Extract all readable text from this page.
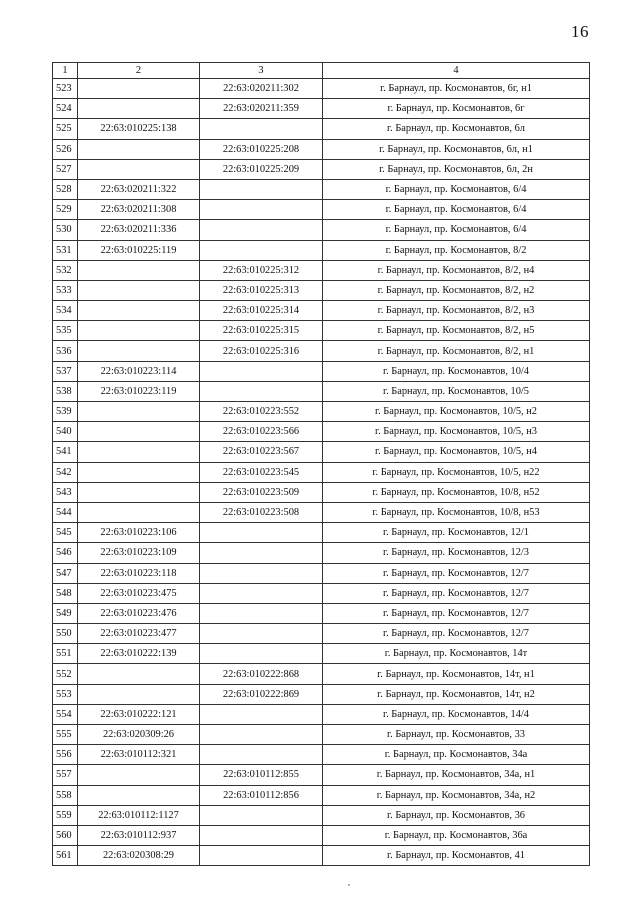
16
1	2	3	4
523		22:63:020211:302	г. Барнаул, пр. Космонавтов, 6г, н1
524		22:63:020211:359	г. Барнаул, пр. Космонавтов, 6г
525	22:63:010225:138		г. Барнаул, пр. Космонавтов, 6л
526		22:63:010225:208	г. Барнаул, пр. Космонавтов, 6л, н1
527		22:63:010225:209	г. Барнаул, пр. Космонавтов, 6л, 2н
528	22:63:020211:322		г. Барнаул, пр. Космонавтов, 6/4
529	22:63:020211:308		г. Барнаул, пр. Космонавтов, 6/4
530	22:63:020211:336		г. Барнаул, пр. Космонавтов, 6/4
531	22:63:010225:119		г. Барнаул, пр. Космонавтов, 8/2
532		22:63:010225:312	г. Барнаул, пр. Космонавтов, 8/2, н4
533		22:63:010225:313	г. Барнаул, пр. Космонавтов, 8/2, н2
534		22:63:010225:314	г. Барнаул, пр. Космонавтов, 8/2, н3
535		22:63:010225:315	г. Барнаул, пр. Космонавтов, 8/2, н5
536		22:63:010225:316	г. Барнаул, пр. Космонавтов, 8/2, н1
537	22:63:010223:114		г. Барнаул, пр. Космонавтов, 10/4
538	22:63:010223:119		г. Барнаул, пр. Космонавтов, 10/5
539		22:63:010223:552	г. Барнаул, пр. Космонавтов, 10/5, н2
540		22:63:010223:566	г. Барнаул, пр. Космонавтов, 10/5, н3
541		22:63:010223:567	г. Барнаул, пр. Космонавтов, 10/5, н4
542		22:63:010223:545	г. Барнаул, пр. Космонавтов, 10/5, н22
543		22:63:010223:509	г. Барнаул, пр. Космонавтов, 10/8, н52
544		22:63:010223:508	г. Барнаул, пр. Космонавтов, 10/8, н53
545	22:63:010223:106		г. Барнаул, пр. Космонавтов, 12/1
546	22:63:010223:109		г. Барнаул, пр. Космонавтов, 12/3
547	22:63:010223:118		г. Барнаул, пр. Космонавтов, 12/7
548	22:63:010223:475		г. Барнаул, пр. Космонавтов, 12/7
549	22:63:010223:476		г. Барнаул, пр. Космонавтов, 12/7
550	22:63:010223:477		г. Барнаул, пр. Космонавтов, 12/7
551	22:63:010222:139		г. Барнаул, пр. Космонавтов, 14т
552		22:63:010222:868	г. Барнаул, пр. Космонавтов, 14т, н1
553		22:63:010222:869	г. Барнаул, пр. Космонавтов, 14т, н2
554	22:63:010222:121		г. Барнаул, пр. Космонавтов, 14/4
555	22:63:020309:26		г. Барнаул, пр. Космонавтов, 33
556	22:63:010112:321		г. Барнаул, пр. Космонавтов, 34а
557		22:63:010112:855	г. Барнаул, пр. Космонавтов, 34а, н1
558		22:63:010112:856	г. Барнаул, пр. Космонавтов, 34а, н2
559	22:63:010112:1127		г. Барнаул, пр. Космонавтов, 36
560	22:63:010112:937		г. Барнаул, пр. Космонавтов, 36а
561	22:63:020308:29		г. Барнаул, пр. Космонавтов, 41
